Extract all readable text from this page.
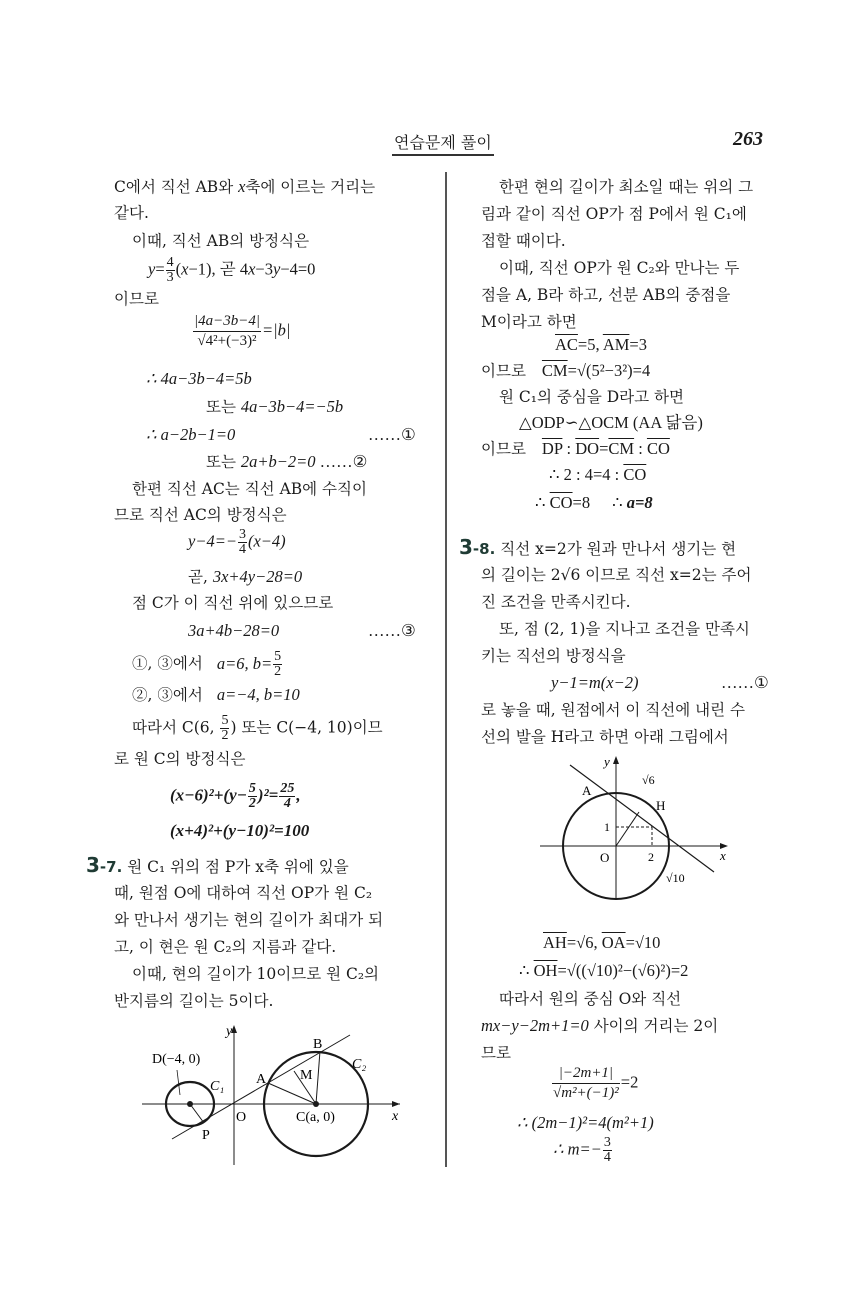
연습문제 풀이	263
C에서 직선 AB와 x축에 이르는 거리는
같다.
이때, 직선 AB의 방정식은
$y= \frac{4}{3} (x-1)$, 곧 4x−3y−4=0
이므로
$\frac{|4a-3b-4|}{\text{√4²+(−3)²}} =|b|$
∴ 4a−3b−4=5b
또는 4a−3b−4=−5b
∴ a−2b−1=0	……①
또는 2a+b−2=0 ……②
한편 직선 AC는 직선 AB에 수직이
므로 직선 AC의 방정식은
$y-4=- \frac{3}{4} (x-4)$
곧, 3x+4y−28=0
점 C가 이 직선 위에 있으므로
3a+4b−28=0	……③
①, ③에서 a=6, $b= \frac{5}{2}$
②, ③에서 a=−4, b=10
따라서 C(6, $\frac{5}{2}$ ) 또는 C(−4, 10)이므
로 원 C의 방정식은
$(x-6)^2+(y- \frac{5}{2} )^2= \frac{25}{4}$ ,
(x+4)²+(y−10)²=100
3-7. 원 C₁ 위의 점 P가 x축 위에 있을
때, 원점 O에 대하여 직선 OP가 원 C₂
와 만나서 생기는 현의 길이가 최대가 되
고, 이 현은 원 C₂의 지름과 같다.
이때, 현의 길이가 10이므로 원 C₂의
반지름의 길이는 5이다.
y
x
O
D(−4, 0)
C₁
C₂
A
B
M
P
C(a, 0)
한편 현의 길이가 최소일 때는 위의 그
림과 같이 직선 OP가 점 P에서 원 C₁에
접할 때이다.
이때, 직선 OP가 원 C₂와 만나는 두
점을 A, B라 하고, 선분 AB의 중점을
M이라고 하면
$\overline{AC}=5$, $\overline{AM}=3$
이므로 $\overline{CM}=√(5^2-3^2)=4$
원 C₁의 중심을 D라고 하면
△ODP∽△OCM (AA 닮음)
이므로 $\overline{DP}$ : $\overline{DO}=\overline{CM}$ : $\overline{CO}$
∴ 2 : 4=4 : $\overline{CO}$
∴ $\overline{CO}=8$ ∴ a=8
3-8. 직선 x=2가 원과 만나서 생기는 현
의 길이는 2√6 이므로 직선 x=2는 주어
진 조건을 만족시킨다.
또, 점 (2, 1)을 지나고 조건을 만족시
키는 직선의 방정식을
y−1=m(x−2)	……①
로 놓을 때, 원점에서 이 직선에 내린 수
선의 발을 H라고 하면 아래 그림에서
$\overline{AH}=√6$, $\overline{OA}=√10$
∴ $\overline{OH}=√((√10)^2-(√6)^2)=2$
따라서 원의 중심 O와 직선
mx−y−2m+1=0 사이의 거리는 2이
므로
$\frac{|-2m+1|}{\text{√m²+(−1)²}} =2$
∴ (2m−1)²=4(m²+1)
∴ $m=- \frac{3}{4}$
y
x
O
A
H
√6
√10
1
2
